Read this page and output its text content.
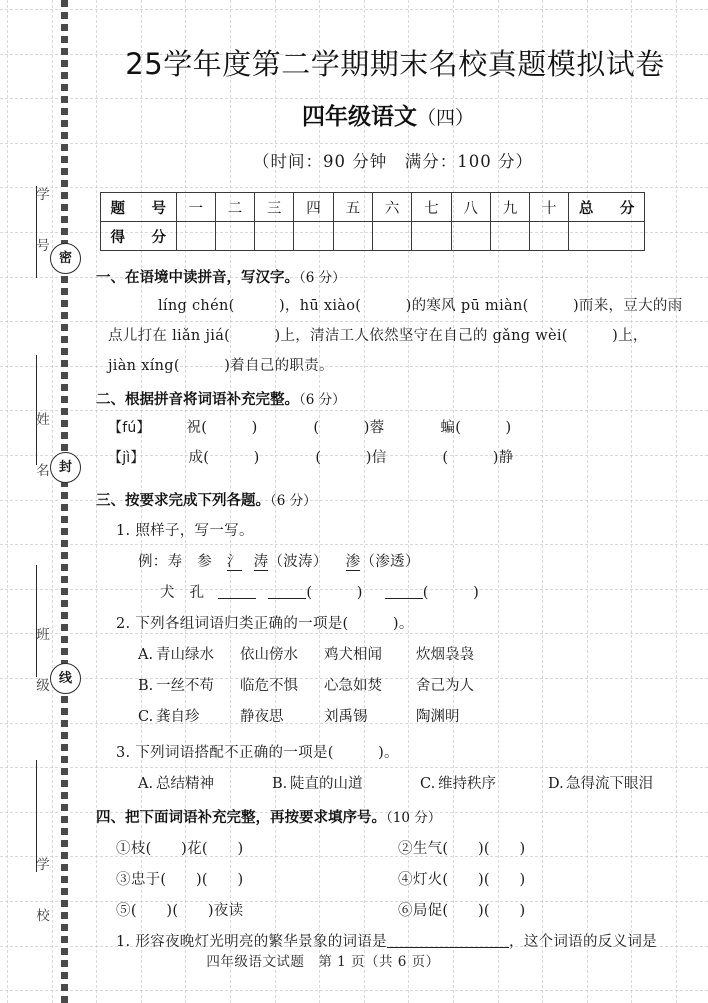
学　号
姓　名
班　级
学　校
密
封
线
25学年度第二学期期末名校真题模拟试卷
四年级语文（四）
（时间：90 分钟　满分：100 分）
题　号	一	二	三	四	五	六	七	八	九	十	总　分
得　分											
一、在语境中读拼音，写汉字。（6 分）
líng chén(　　　)，hū xiào(　　　)的寒风 pū miàn(　　　)而来，豆大的雨
点儿打在 liǎn jiá(　　　)上，清洁工人依然坚守在自己的 gǎng wèi(　　　)上，
jiàn xíng(　　　)着自己的职责。
二、根据拼音将词语补充完整。（6 分）
【fú】 祝(　　　)	(　　　)蓉	蝙(　　　)
【jì】	成(　　　)	(　　　)信	(　　　)静
三、按要求完成下列各题。（6 分）
1. 照样子，写一写。
例：寿　参　氵 涛（波涛） 渗（渗透）
犬　孔	(　　　)	(　　　)
2. 下列各组词语归类正确的一项是(　　　)。
A. 青山绿水 依山傍水 鸡犬相闻 炊烟袅袅
B. 一丝不苟 临危不惧 心急如焚 舍己为人
C. 龚自珍	静夜思	刘禹锡	陶渊明
3. 下列词语搭配不正确的一项是(　　　)。
A. 总结精神	B. 陡直的山道	C. 维持秩序	D. 急得流下眼泪
四、把下面词语补充完整，再按要求填序号。（10 分）
①枝(　　)花(　　)	②生气(　　)(　　)
③忠于(　　)(　　)	④灯火(　　)(　　)
⑤(　　)(　　)夜读	⑥局促(　　)(　　)
1. 形容夜晚灯光明亮的繁华景象的词语是	，这个词语的反义词是
四年级语文试题　第 1 页（共 6 页）
